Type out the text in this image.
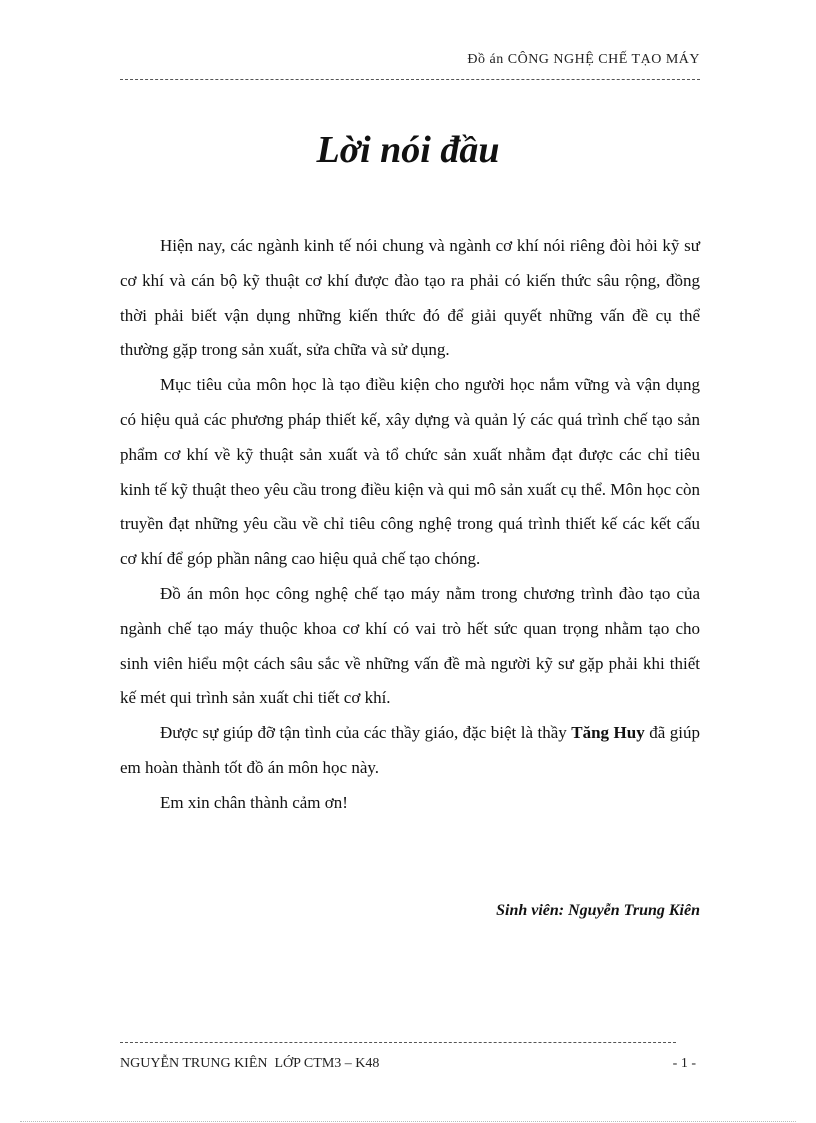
Đồ án CÔNG NGHỆ CHẾ TẠO MÁY
Lời nói đầu

Hiện nay, các ngành kinh tế nói chung và ngành cơ khí nói riêng đòi hỏi kỹ sư cơ khí và cán bộ kỹ thuật cơ khí được đào tạo ra phải có kiến thức sâu rộng, đồng thời phải biết vận dụng những kiến thức đó để giải quyết những vấn đề cụ thể thường gặp trong sản xuất, sửa chữa và sử dụng.

Mục tiêu của môn học là tạo điều kiện cho người học nắm vững và vận dụng có hiệu quả các phương pháp thiết kế, xây dựng và quản lý các quá trình chế tạo sản phẩm cơ khí về kỹ thuật sản xuất và tổ chức sản xuất nhằm đạt được các chỉ tiêu kinh tế kỹ thuật theo yêu cầu trong điều kiện và qui mô sản xuất cụ thể. Môn học còn truyền đạt những yêu cầu về chỉ tiêu công nghệ trong quá trình thiết kế các kết cấu cơ khí để góp phần nâng cao hiệu quả chế tạo chóng.

Đồ án môn học công nghệ chế tạo máy nằm trong chương trình đào tạo của ngành chế tạo máy thuộc khoa cơ khí có vai trò hết sức quan trọng nhằm tạo cho sinh viên hiểu một cách sâu sắc về những vấn đề mà người kỹ sư gặp phải khi thiết kế mét qui trình sản xuất chi tiết cơ khí.

Được sự giúp đỡ tận tình của các thầy giáo, đặc biệt là thầy Tăng Huy đã giúp em hoàn thành tốt đồ án môn học này.

Em xin chân thành cảm ơn!

Sinh viên: Nguyễn Trung Kiên
NGUYỄN TRUNG KIÊN  LỚP CTM3 – K48	- 1 -
